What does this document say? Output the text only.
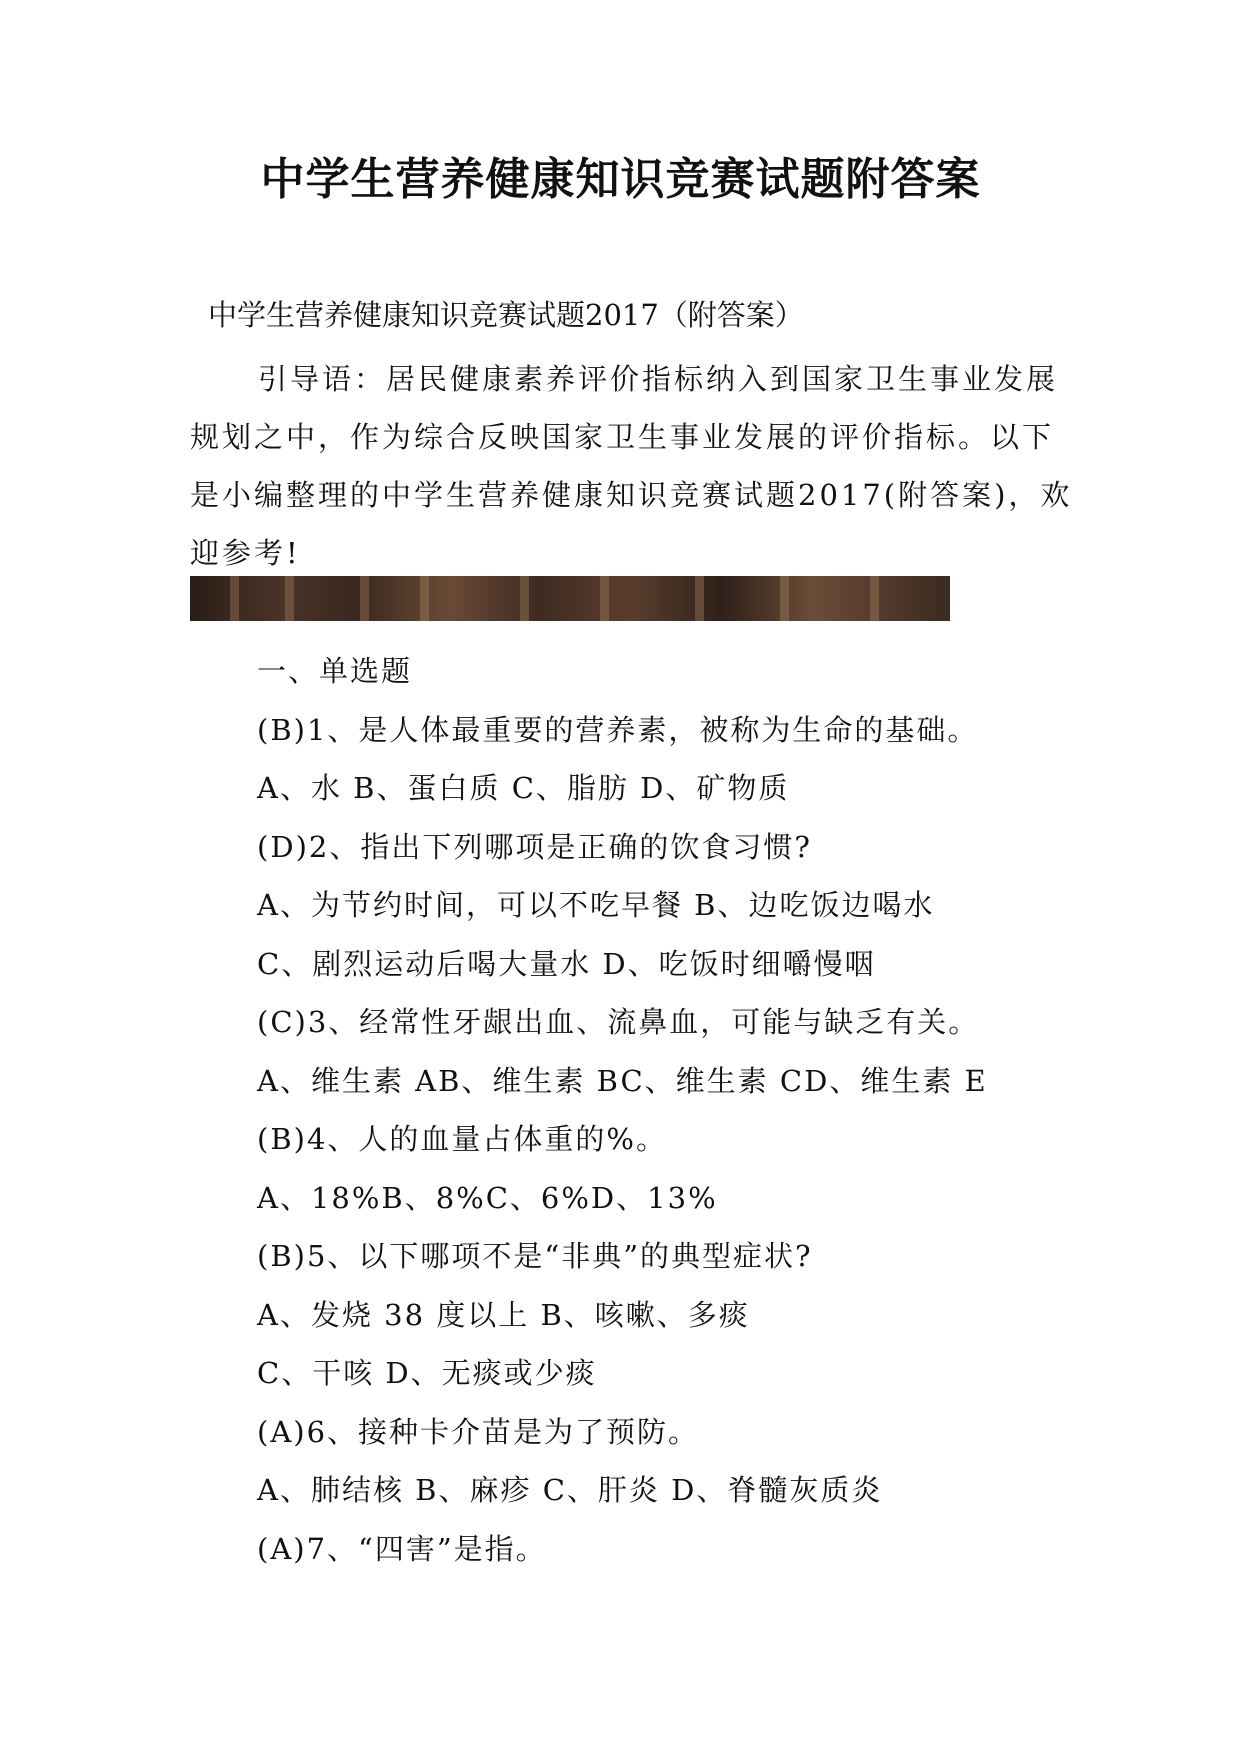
中学生营养健康知识竞赛试题附答案
中学生营养健康知识竞赛试题2017（附答案）
引导语：居民健康素养评价指标纳入到国家卫生事业发展规划之中，作为综合反映国家卫生事业发展的评价指标。以下是小编整理的中学生营养健康知识竞赛试题2017(附答案)，欢迎参考!
一、单选题
(B)1、是人体最重要的营养素，被称为生命的基础。
A、水 B、蛋白质 C、脂肪 D、矿物质
(D)2、指出下列哪项是正确的饮食习惯?
A、为节约时间，可以不吃早餐 B、边吃饭边喝水
C、剧烈运动后喝大量水 D、吃饭时细嚼慢咽
(C)3、经常性牙龈出血、流鼻血，可能与缺乏有关。
A、维生素 AB、维生素 BC、维生素 CD、维生素 E
(B)4、人的血量占体重的%。
A、18%B、8%C、6%D、13%
(B)5、以下哪项不是“非典”的典型症状?
A、发烧 38 度以上 B、咳嗽、多痰
C、干咳 D、无痰或少痰
(A)6、接种卡介苗是为了预防。
A、肺结核 B、麻疹 C、肝炎 D、脊髓灰质炎
(A)7、“四害”是指。
